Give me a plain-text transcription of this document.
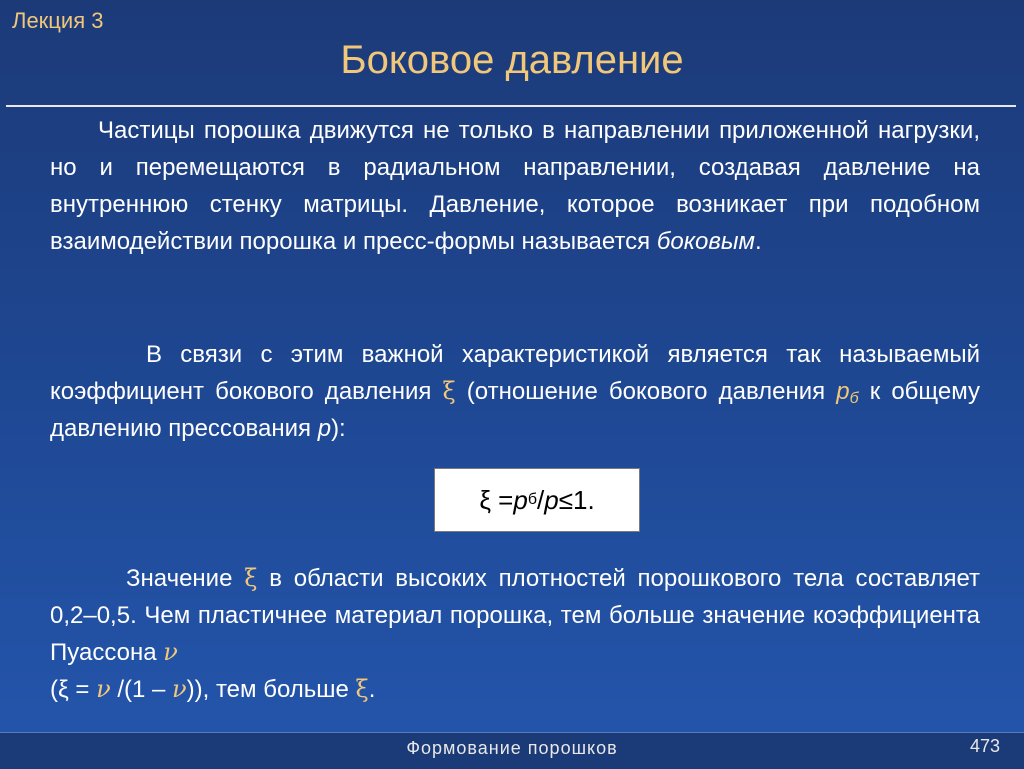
Лекция 3
Боковое давление
Частицы порошка движутся не только в направлении приложенной нагрузки, но и перемещаются в радиальном направлении, создавая давление на внутреннюю стенку матрицы. Давление, которое возникает при подобном взаимодействии порошка и пресс-формы называется боковым.
В связи с этим важной характеристикой является так называемый коэффициент бокового давления ξ (отношение бокового давления $p_б$ к общему давлению прессования p):
ξ = p б / p ≤1.
Значение ξ в области высоких плотностей порошкового тела составляет 0,2–0,5. Чем пластичнее материал порошка, тем больше значение коэффициента Пуассона ν
(ξ = ν /(1 – ν)), тем больше ξ.
Формование порошков	473
